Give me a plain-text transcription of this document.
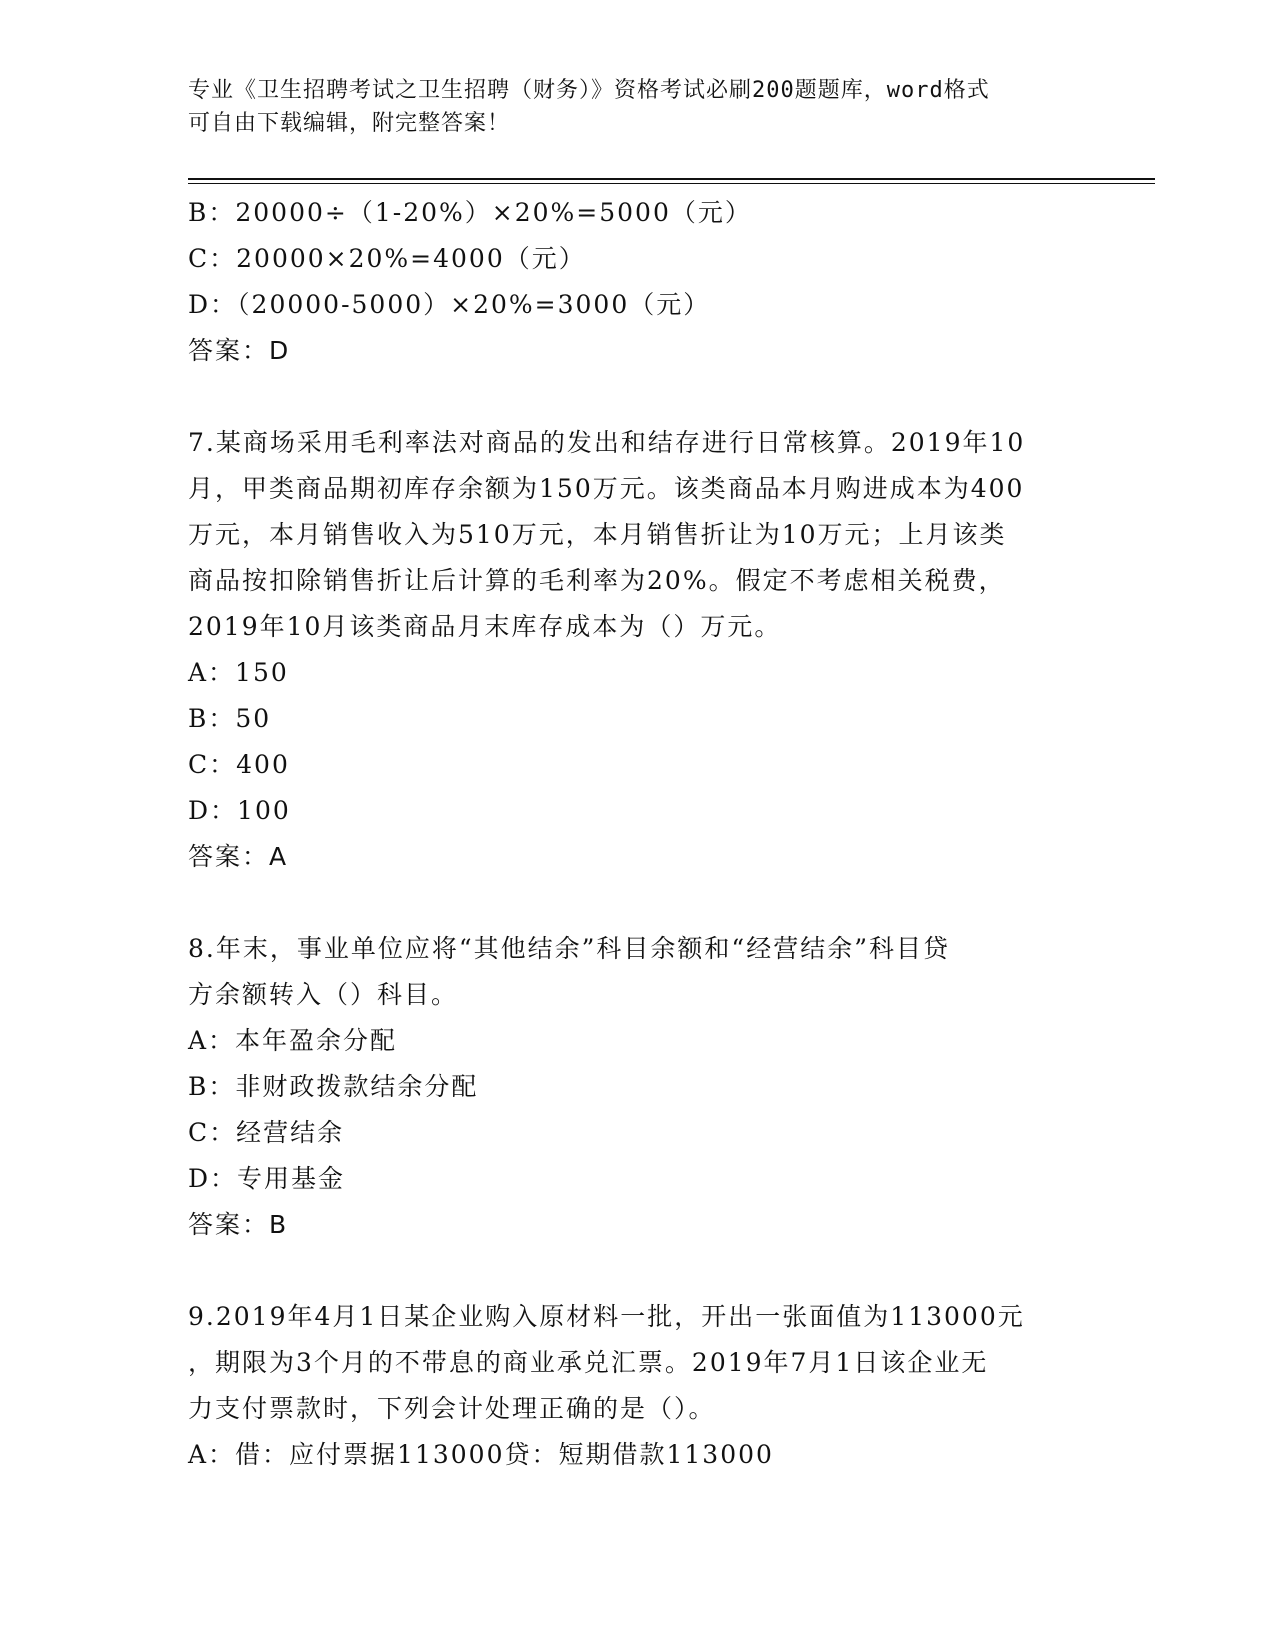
专业《卫生招聘考试之卫生招聘（财务）》资格考试必刷200题题库，word格式
可自由下载编辑，附完整答案！
B：20000÷（1-20%）×20%=5000（元）
C：20000×20%=4000（元）
D：（20000-5000）×20%=3000（元）
答案：D
7.某商场采用毛利率法对商品的发出和结存进行日常核算。2019年10
月，甲类商品期初库存余额为150万元。该类商品本月购进成本为400
万元，本月销售收入为510万元，本月销售折让为10万元；上月该类
商品按扣除销售折让后计算的毛利率为20%。假定不考虑相关税费，
2019年10月该类商品月末库存成本为（）万元。
A：150
B：50
C：400
D：100
答案：A
8.年末，事业单位应将“其他结余”科目余额和“经营结余”科目贷
方余额转入（）科目。
A：本年盈余分配
B：非财政拨款结余分配
C：经营结余
D：专用基金
答案：B
9.2019年4月1日某企业购入原材料一批，开出一张面值为113000元
，期限为3个月的不带息的商业承兑汇票。2019年7月1日该企业无
力支付票款时，下列会计处理正确的是（）。
A：借：应付票据113000贷：短期借款113000
